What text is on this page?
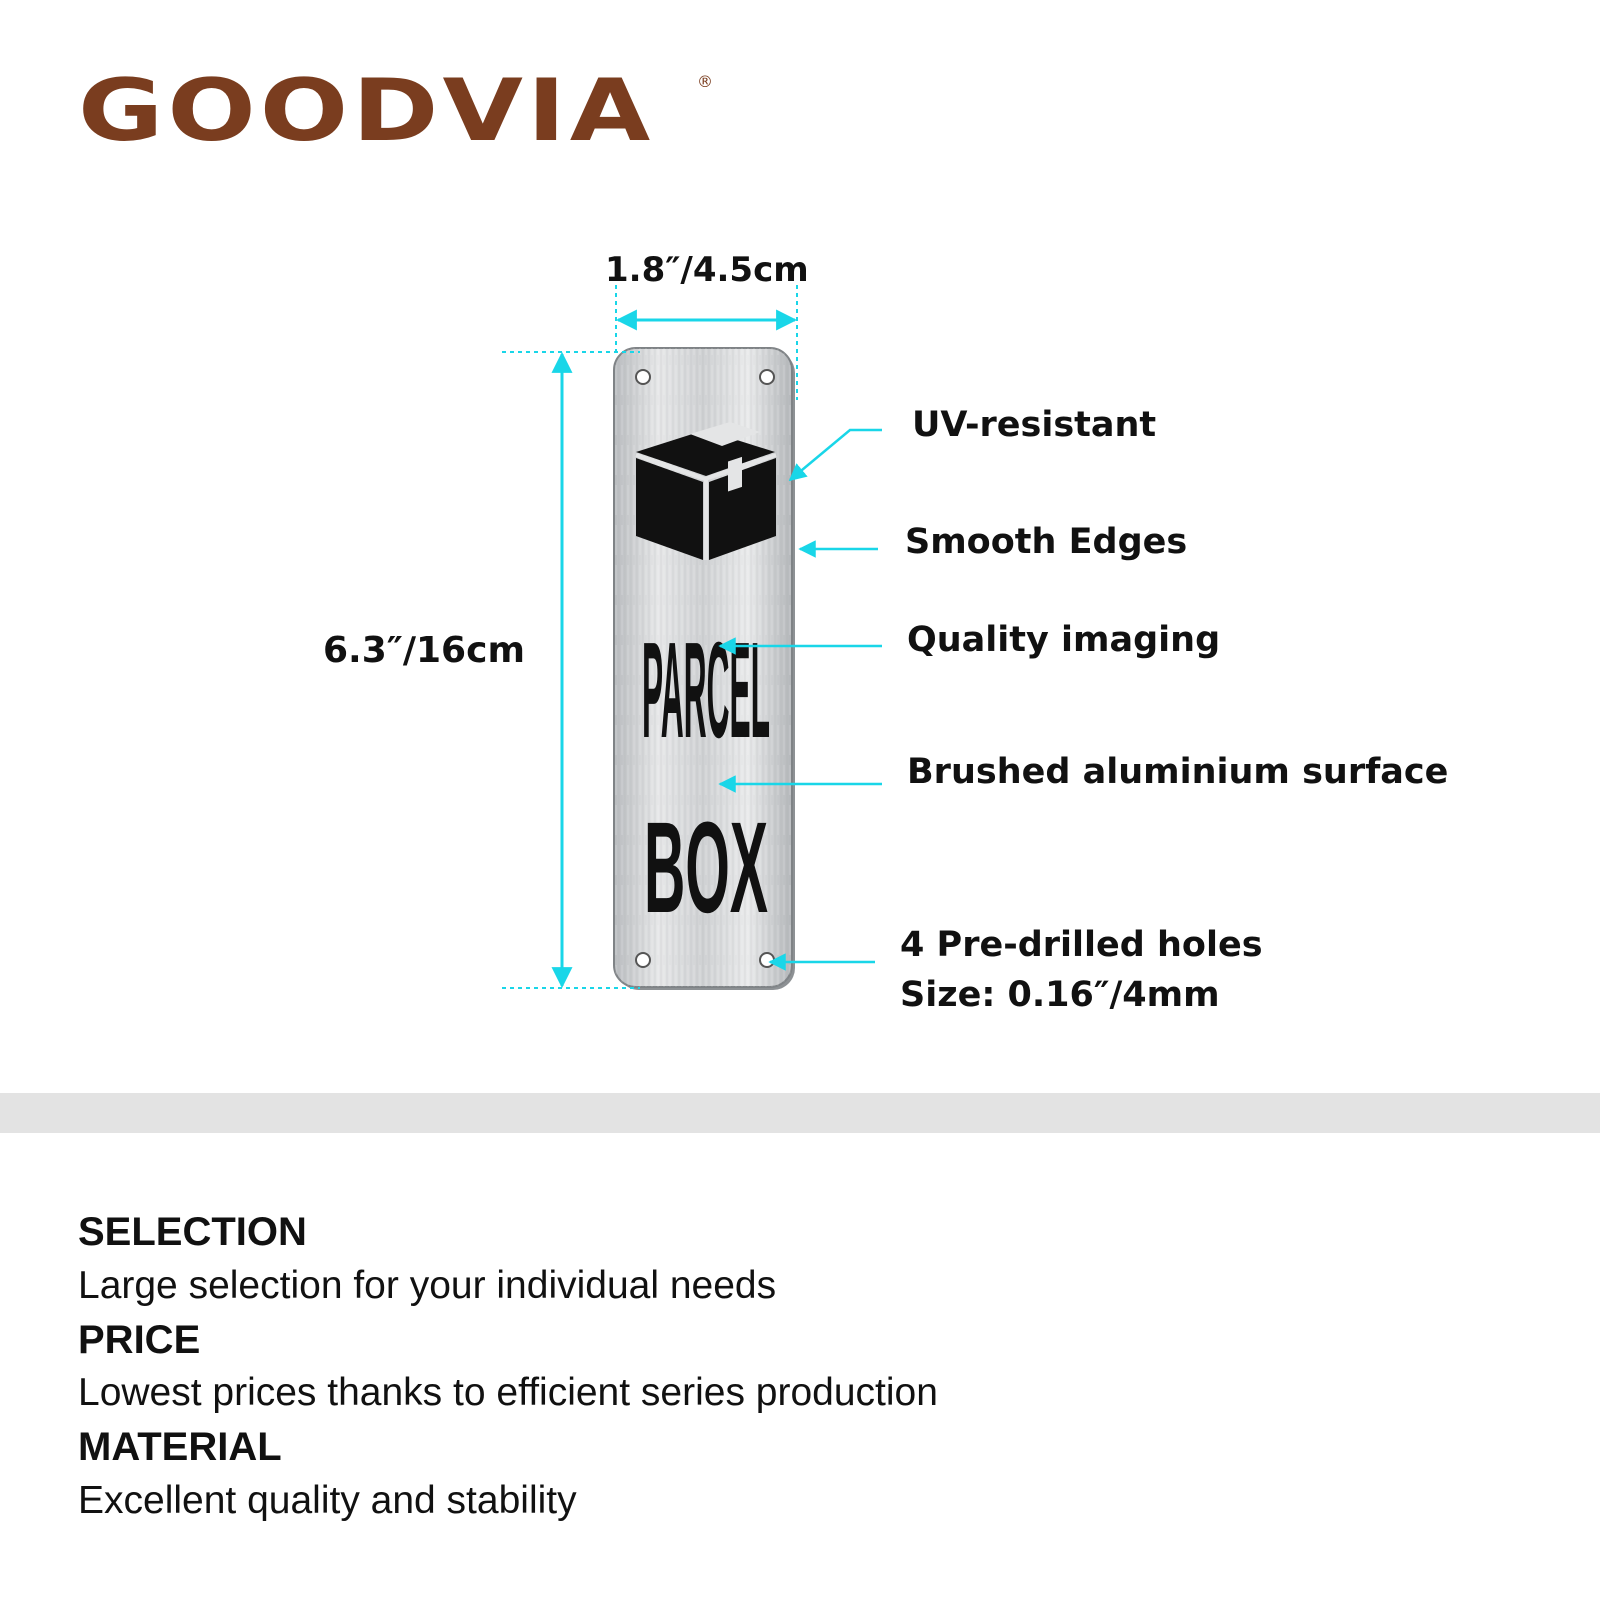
GOODVIA	®
PARCEL
BOX
1.8″/4.5cm
6.3″/16cm
UV-resistant
Smooth Edges
Quality imaging
Brushed aluminium surface
4 Pre-drilled holes
Size: 0.16″/4mm
SELECTION
Large selection for your individual needs
PRICE
Lowest prices thanks to efficient series production
MATERIAL
Excellent quality and stability
